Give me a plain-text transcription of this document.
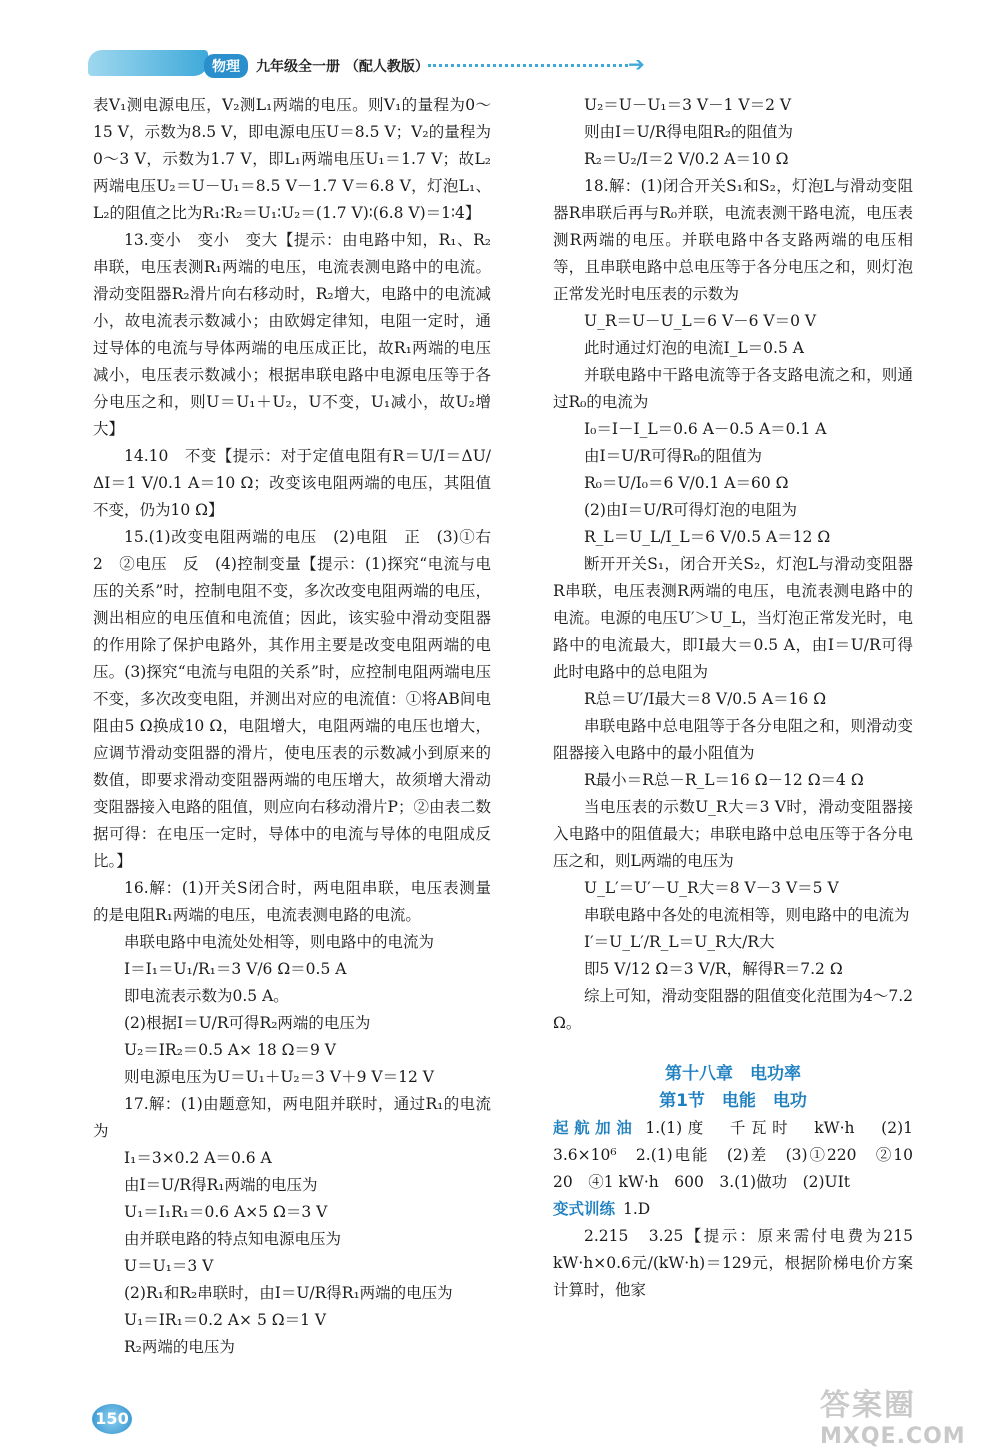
物理	九年级全一册 （配人教版）	➔

表V₁测电源电压，V₂测L₁两端的电压。则V₁的量程为0～15 V，示数为8.5 V，即电源电压U＝8.5 V；V₂的量程为0～3 V，示数为1.7 V，即L₁两端电压U₁＝1.7 V；故L₂两端电压U₂＝U－U₁＝8.5 V－1.7 V＝6.8 V，灯泡L₁、L₂的阻值之比为R₁∶R₂＝U₁∶U₂＝(1.7 V)∶(6.8 V)＝1∶4】

13.变小　变小　变大【提示：由电路中知，R₁、R₂串联，电压表测R₁两端的电压，电流表测电路中的电流。滑动变阻器R₂滑片向右移动时，R₂增大，电路中的电流减小，故电流表示数减小；由欧姆定律知，电阻一定时，通过导体的电流与导体两端的电压成正比，故R₁两端的电压减小，电压表示数减小；根据串联电路中电源电压等于各分电压之和，则U＝U₁＋U₂，U不变，U₁减小，故U₂增大】

14.10　不变【提示：对于定值电阻有R＝U/I＝ΔU/ΔI＝1 V/0.1 A＝10 Ω；改变该电阻两端的电压，其阻值不变，仍为10 Ω】

15.(1)改变电阻两端的电压　(2)电阻　正　(3)①右　2　②电压　反　(4)控制变量【提示：(1)探究“电流与电压的关系”时，控制电阻不变，多次改变电阻两端的电压，测出相应的电压值和电流值；因此，该实验中滑动变阻器的作用除了保护电路外，其作用主要是改变电阻两端的电压。(3)探究“电流与电阻的关系”时，应控制电阻两端电压不变，多次改变电阻，并测出对应的电流值：①将AB间电阻由5 Ω换成10 Ω，电阻增大，电阻两端的电压也增大，应调节滑动变阻器的滑片，使电压表的示数减小到原来的数值，即要求滑动变阻器两端的电压增大，故须增大滑动变阻器接入电路的阻值，则应向右移动滑片P；②由表二数据可得：在电压一定时，导体中的电流与导体的电阻成反比。】

16.解：(1)开关S闭合时，两电阻串联，电压表测量的是电阻R₁两端的电压，电流表测电路的电流。

串联电路中电流处处相等，则电路中的电流为

I＝I₁＝U₁/R₁＝3 V/6 Ω＝0.5 A

即电流表示数为0.5 A。

(2)根据I＝U/R可得R₂两端的电压为

U₂＝IR₂＝0.5 A× 18 Ω＝9 V

则电源电压为U＝U₁＋U₂＝3 V＋9 V＝12 V

17.解：(1)由题意知，两电阻并联时，通过R₁的电流为

I₁＝3×0.2 A＝0.6 A

由I＝U/R得R₁两端的电压为

U₁＝I₁R₁＝0.6 A×5 Ω＝3 V

由并联电路的特点知电源电压为

U＝U₁＝3 V

(2)R₁和R₂串联时，由I＝U/R得R₁两端的电压为

U₁＝IR₁＝0.2 A× 5 Ω＝1 V

R₂两端的电压为

U₂＝U－U₁＝3 V－1 V＝2 V

则由I＝U/R得电阻R₂的阻值为

R₂＝U₂/I＝2 V/0.2 A＝10 Ω

18.解：(1)闭合开关S₁和S₂，灯泡L与滑动变阻器R串联后再与R₀并联，电流表测干路电流，电压表测R两端的电压。并联电路中各支路两端的电压相等，且串联电路中总电压等于各分电压之和，则灯泡正常发光时电压表的示数为

U_R＝U－U_L＝6 V－6 V＝0 V

此时通过灯泡的电流I_L＝0.5 A

并联电路中干路电流等于各支路电流之和，则通过R₀的电流为

I₀＝I－I_L＝0.6 A－0.5 A＝0.1 A

由I＝U/R可得R₀的阻值为

R₀＝U/I₀＝6 V/0.1 A＝60 Ω

(2)由I＝U/R可得灯泡的电阻为

R_L＝U_L/I_L＝6 V/0.5 A＝12 Ω

断开开关S₁，闭合开关S₂，灯泡L与滑动变阻器R串联，电压表测R两端的电压，电流表测电路中的电流。电源的电压U′＞U_L，当灯泡正常发光时，电路中的电流最大，即I最大＝0.5 A，由I＝U/R可得此时电路中的总电阻为

R总＝U′/I最大＝8 V/0.5 A＝16 Ω

串联电路中总电阻等于各分电阻之和，则滑动变阻器接入电路中的最小阻值为

R最小＝R总－R_L＝16 Ω－12 Ω＝4 Ω

当电压表的示数U_R大＝3 V时，滑动变阻器接入电路中的阻值最大；串联电路中总电压等于各分电压之和，则L两端的电压为

U_L′＝U′－U_R大＝8 V－3 V＝5 V

串联电路中各处的电流相等，则电路中的电流为

I′＝U_L′/R_L＝U_R大/R大

即5 V/12 Ω＝3 V/R，解得R＝7.2 Ω

综上可知，滑动变阻器的阻值变化范围为4～7.2 Ω。

第十八章　电功率
第1节　电能　电功

起航加油 1.(1)度　千瓦时　kW·h　(2)1　3.6×10⁶　2.(1)电能　(2)差　(3)①220　②10　20　④1 kW·h　600　3.(1)做功　(2)UIt

变式训练 1.D

2.215　3.25【提示：原来需付电费为215 kW·h×0.6元/(kW·h)＝129元，根据阶梯电价方案计算时，他家

150	答案圈
MXQE.COM
